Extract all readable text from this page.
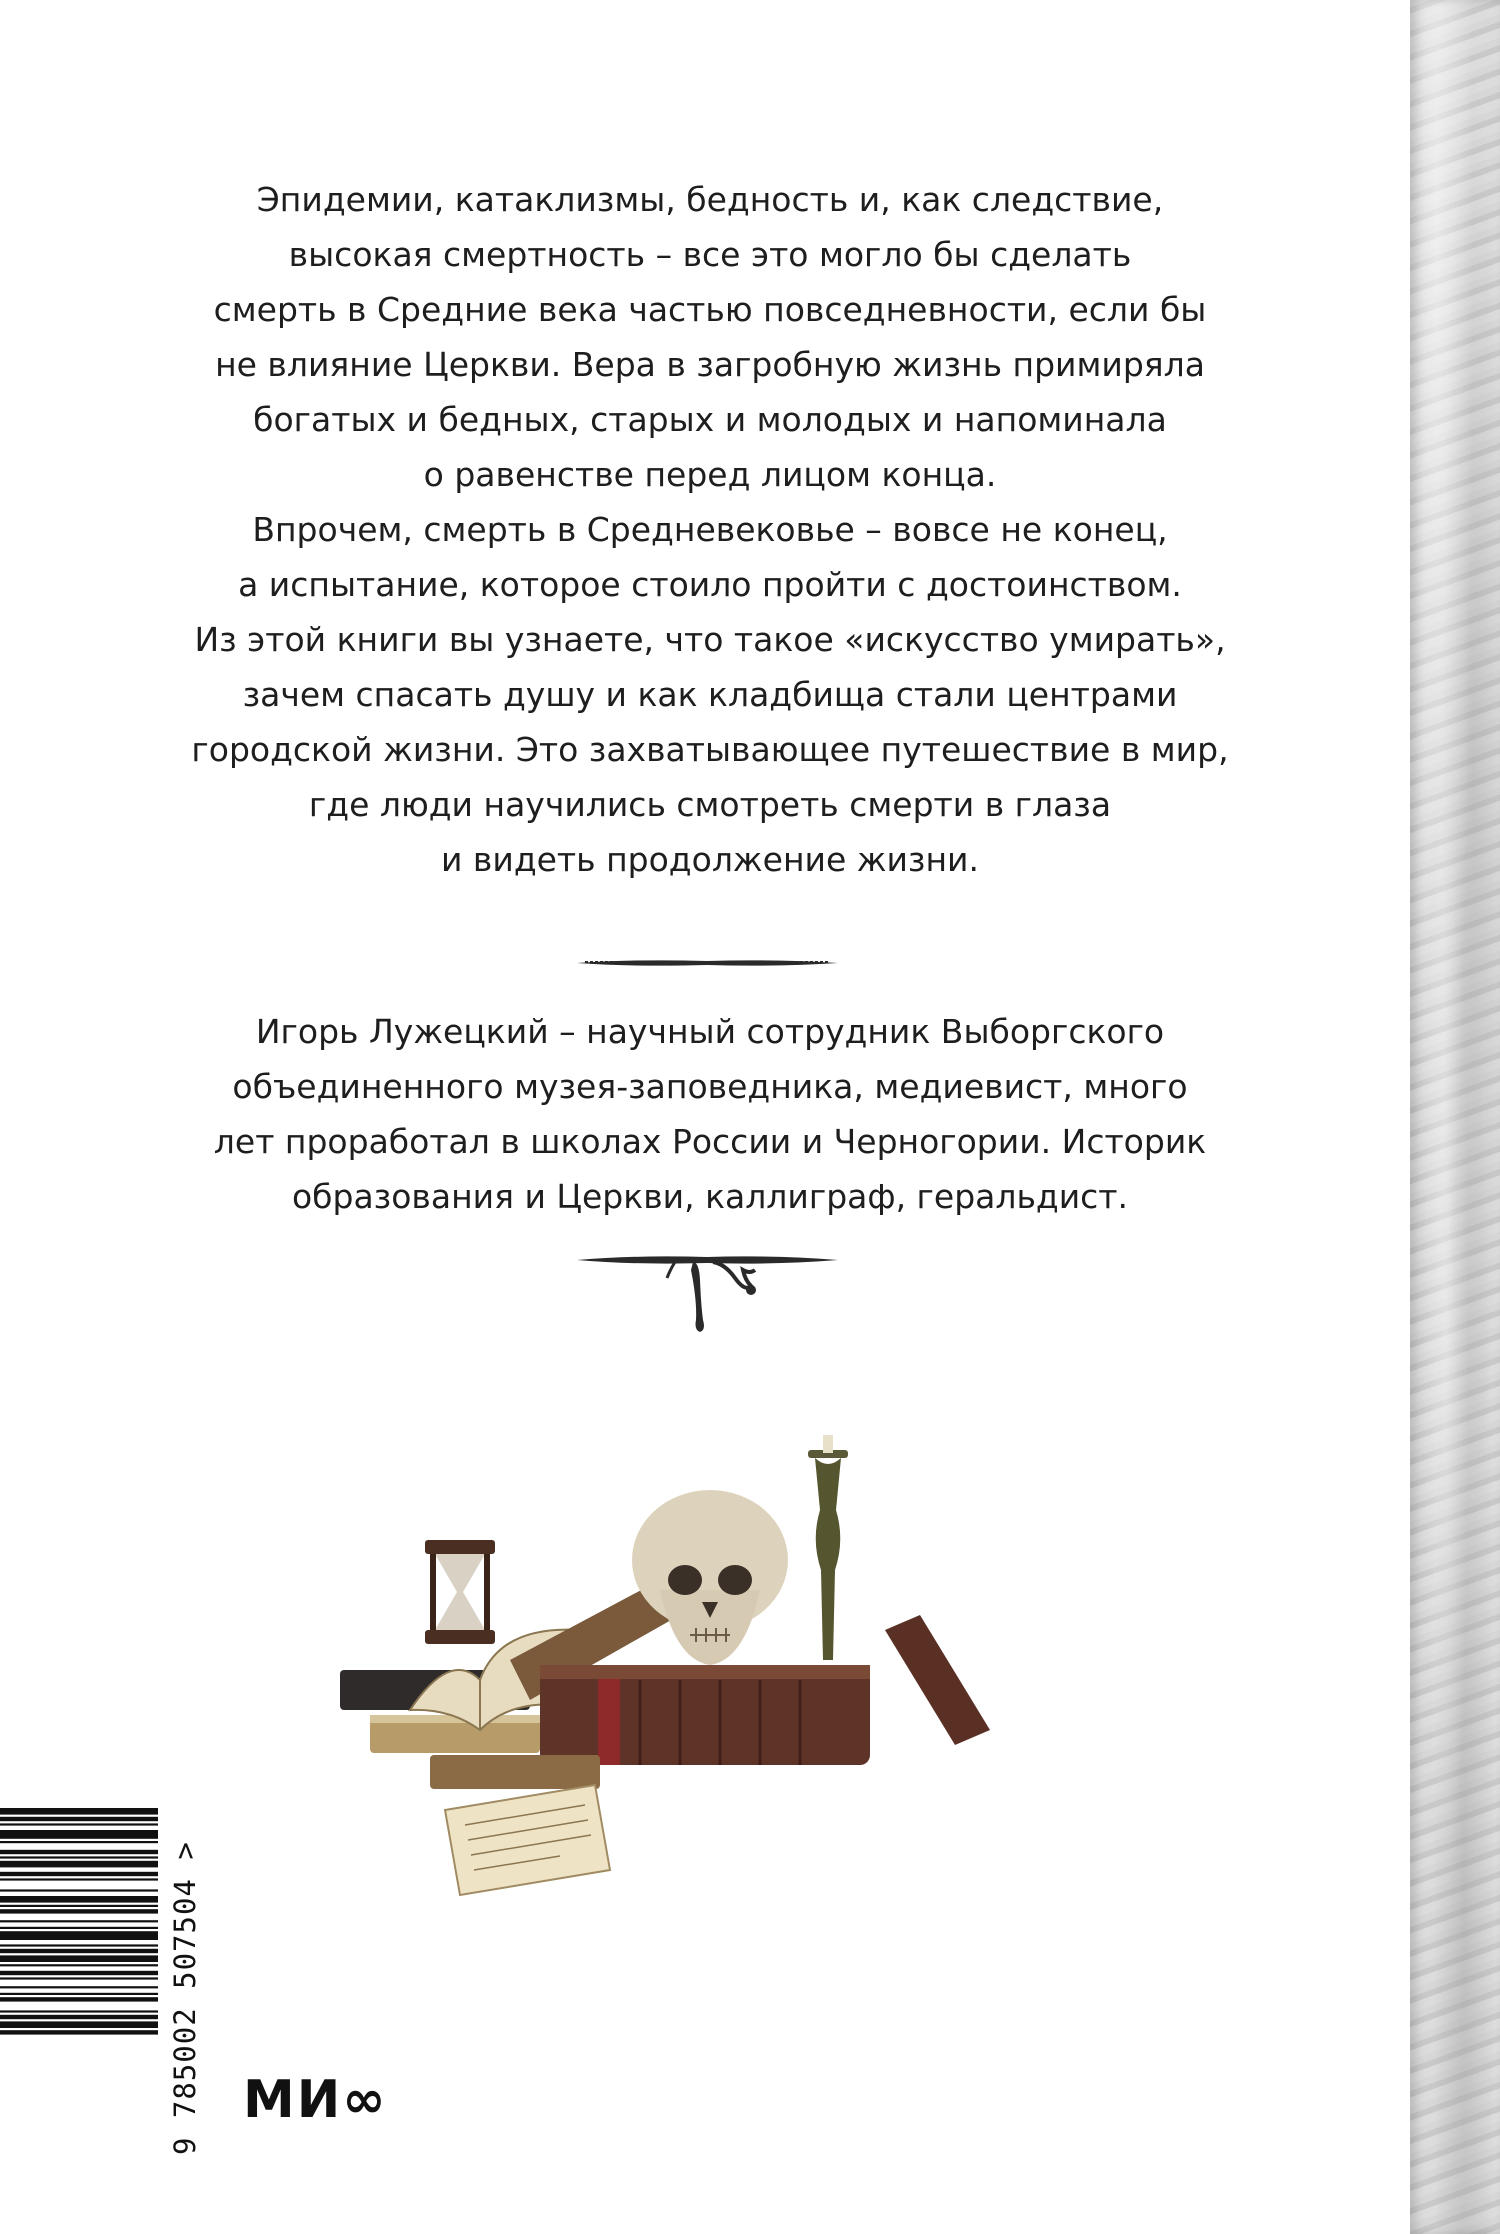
Эпидемии, катаклизмы, бедность и, как следствие,

высокая смертность – все это могло бы сделать

смерть в Средние века частью повседневности, если бы

не влияние Церкви. Вера в загробную жизнь примиряла

богатых и бедных, старых и молодых и напоминала

о равенстве перед лицом конца.

Впрочем, смерть в Средневековье – вовсе не конец,

а испытание, которое стоило пройти с достоинством.

Из этой книги вы узнаете, что такое «искусство умирать»,

зачем спасать душу и как кладбища стали центрами

городской жизни. Это захватывающее путешествие в мир,

где люди научились смотреть смерти в глаза

и видеть продолжение жизни.

Игорь Лужецкий – научный сотрудник Выборгского

объединенного музея-заповедника, медиевист, много

лет проработал в школах России и Черногории. Историк

образования и Церкви, каллиграф, геральдист.

9 785002 507504 > МИ∞
